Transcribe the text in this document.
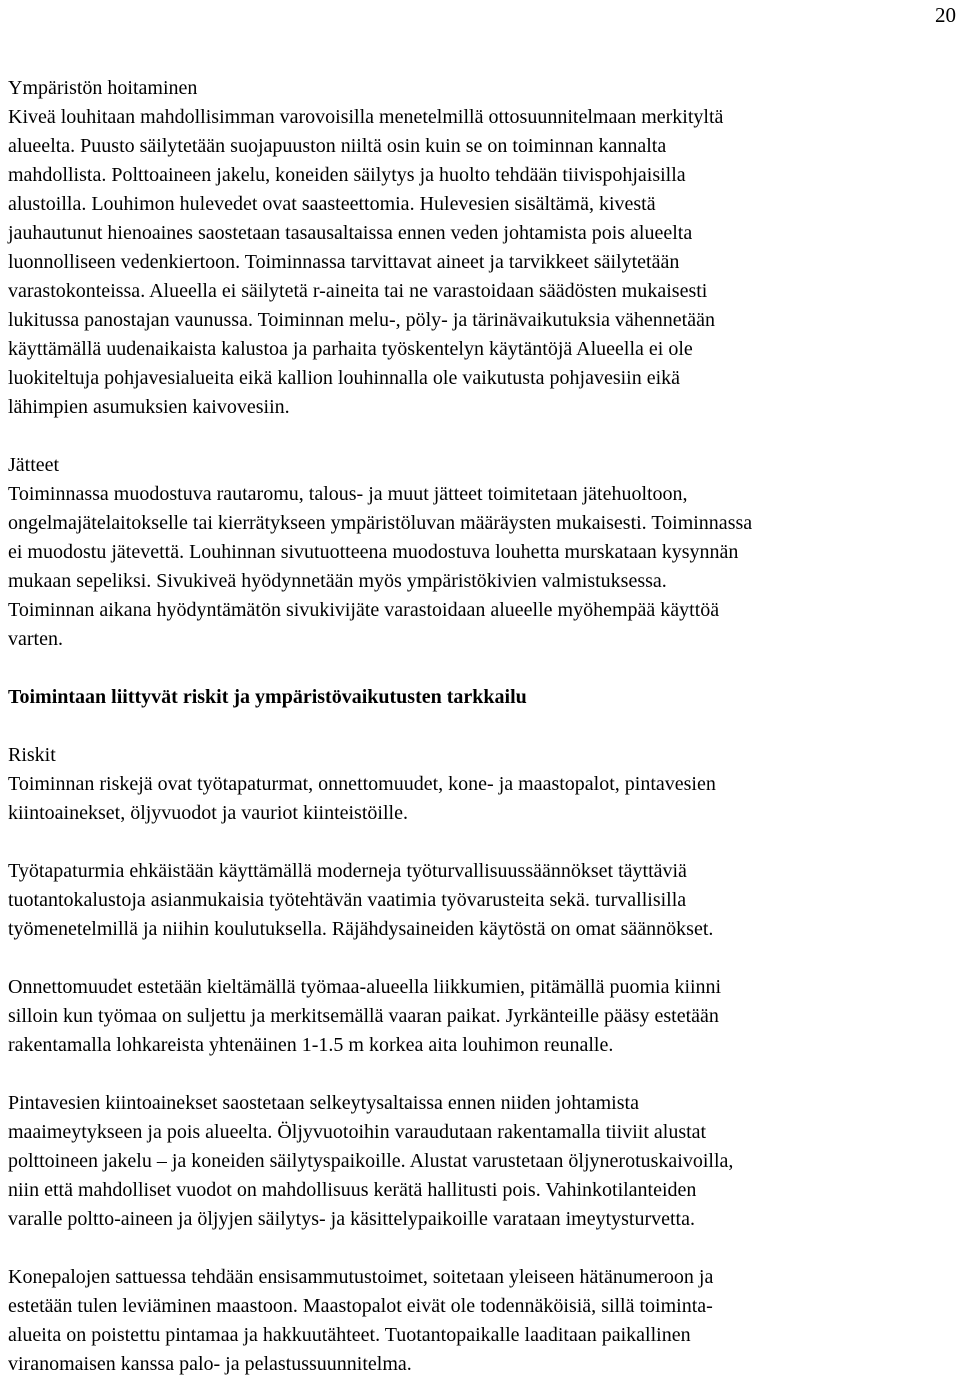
20

Ympäristön hoitaminen

Kiveä louhitaan mahdollisimman varovoisilla menetelmillä ottosuunnitelmaan merkityltä

alueelta. Puusto säilytetään suojapuuston niiltä osin kuin se on toiminnan kannalta

mahdollista. Polttoaineen jakelu, koneiden säilytys ja huolto tehdään tiivispohjaisilla

alustoilla. Louhimon hulevedet ovat saasteettomia. Hulevesien sisältämä, kivestä

jauhautunut hienoaines saostetaan tasausaltaissa ennen veden johtamista pois alueelta

luonnolliseen vedenkiertoon. Toiminnassa tarvittavat aineet ja tarvikkeet säilytetään

varastokonteissa. Alueella ei säilytetä r-aineita tai ne varastoidaan säädösten mukaisesti

lukitussa panostajan vaunussa. Toiminnan melu-, pöly- ja tärinävaikutuksia vähennetään

käyttämällä uudenaikaista kalustoa ja parhaita työskentelyn käytäntöjä Alueella ei ole

luokiteltuja pohjavesialueita eikä kallion louhinnalla ole vaikutusta pohjavesiin eikä

lähimpien asumuksien kaivovesiin.

Jätteet

Toiminnassa muodostuva rautaromu, talous- ja muut jätteet toimitetaan jätehuoltoon,

ongelmajätelaitokselle tai kierrätykseen ympäristöluvan määräysten mukaisesti. Toiminnassa

ei muodostu jätevettä. Louhinnan sivutuotteena muodostuva louhetta murskataan kysynnän

mukaan sepeliksi. Sivukiveä hyödynnetään myös ympäristökivien valmistuksessa.

Toiminnan aikana hyödyntämätön sivukivijäte varastoidaan alueelle myöhempää käyttöä

varten.

Toimintaan liittyvät riskit ja ympäristövaikutusten tarkkailu

Riskit

Toiminnan riskejä ovat työtapaturmat, onnettomuudet, kone- ja maastopalot, pintavesien

kiintoainekset, öljyvuodot ja vauriot kiinteistöille.

Työtapaturmia ehkäistään käyttämällä moderneja työturvallisuussäännökset täyttäviä

tuotantokalustoja asianmukaisia työtehtävän vaatimia työvarusteita sekä. turvallisilla

työmenetelmillä ja niihin koulutuksella. Räjähdysaineiden käytöstä on omat säännökset.

Onnettomuudet estetään kieltämällä työmaa-alueella liikkumien, pitämällä puomia kiinni

silloin kun työmaa on suljettu ja merkitsemällä vaaran paikat. Jyrkänteille pääsy estetään

rakentamalla lohkareista yhtenäinen 1-1.5 m korkea aita louhimon reunalle.

Pintavesien kiintoainekset saostetaan selkeytysaltaissa ennen niiden johtamista

maaimeytykseen ja pois alueelta. Öljyvuotoihin varaudutaan rakentamalla tiiviit alustat

polttoineen jakelu – ja koneiden säilytyspaikoille. Alustat varustetaan öljynerotuskaivoilla,

niin että mahdolliset vuodot on mahdollisuus kerätä hallitusti pois. Vahinkotilanteiden

varalle poltto-aineen ja öljyjen säilytys- ja käsittelypaikoille varataan imeytysturvetta.

Konepalojen sattuessa tehdään ensisammutustoimet, soitetaan yleiseen hätänumeroon ja

estetään tulen leviäminen maastoon. Maastopalot eivät ole todennäköisiä, sillä toiminta-

alueita on poistettu pintamaa ja hakkuutähteet. Tuotantopaikalle laaditaan paikallinen

viranomaisen kanssa palo- ja pelastussuunnitelma.
